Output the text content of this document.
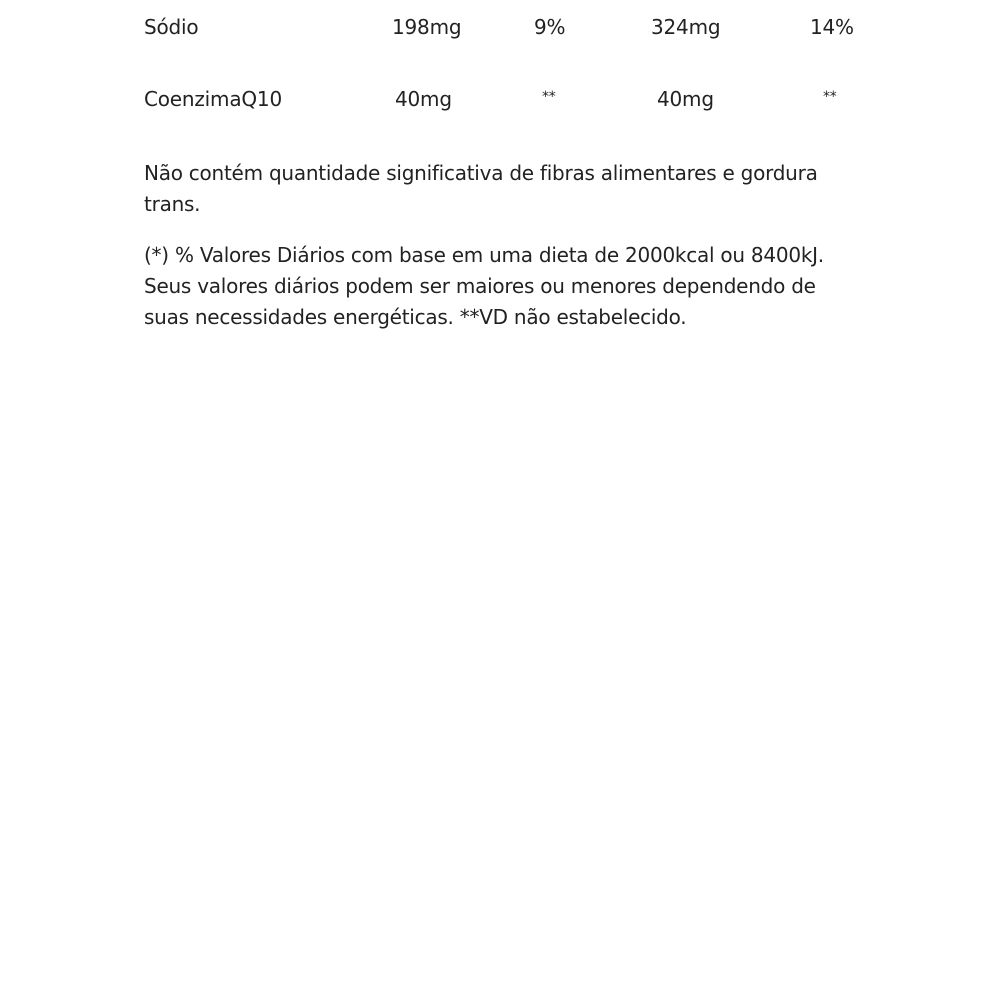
Sódio	198mg	9%	324mg	14%
CoenzimaQ10	40mg	**	40mg	**

Não contém quantidade significativa de fibras alimentares e gordura trans.

(*) % Valores Diários com base em uma dieta de 2000kcal ou 8400kJ. Seus valores diários podem ser maiores ou menores dependendo de suas necessidades energéticas. **VD não estabelecido.
